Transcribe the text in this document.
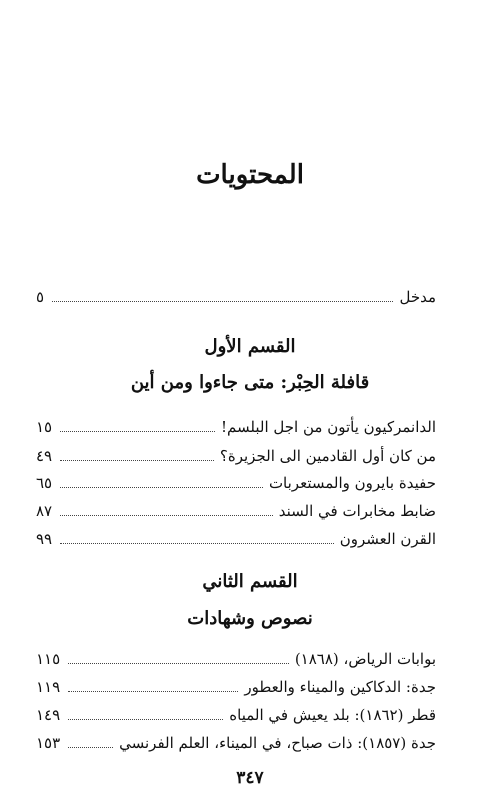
المحتويات
مدخل
٥
القسم الأول
قافلة الحِبْر: متى جاءوا ومن أين
الدانمركيون يأتون من اجل البلسم!
١٥
من كان أول القادمين الى الجزيرة؟
٤٩
حفيدة بايرون والمستعربات
٦٥
ضابط مخابرات في السند
٨٧
القرن العشرون
٩٩
القسم الثاني
نصوص وشهادات
بوابات الرياض، (١٨٦٨)
١١٥
جدة: الدكاكين والميناء والعطور
١١٩
قطر (١٨٦٢): بلد يعيش في المياه
١٤٩
جدة (١٨٥٧): ذات صباح، في الميناء، العلم الفرنسي
١٥٣
٣٤٧
